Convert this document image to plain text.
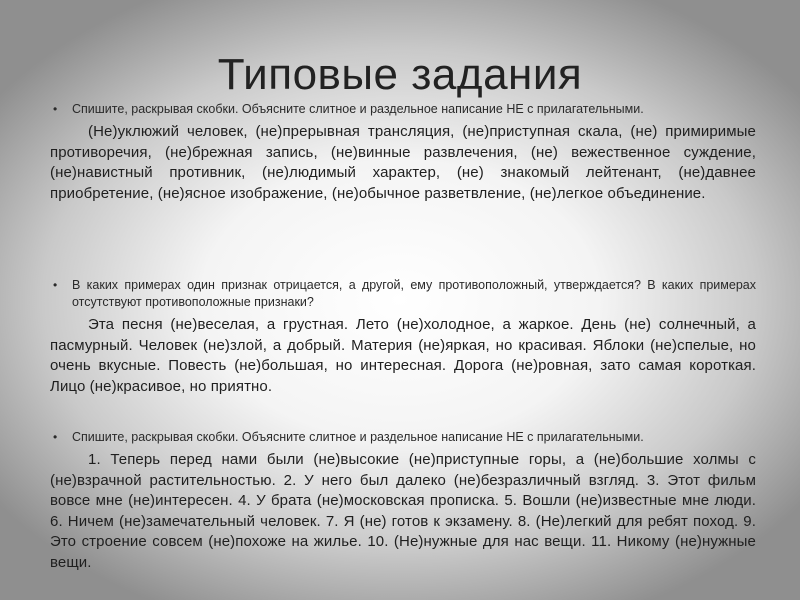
Типовые задания
• Спишите, раскрывая скобки. Объясните слитное и раздельное написание НЕ с прилагательными.
(Не)уклюжий человек, (не)прерывная трансляция, (не)приступная скала, (не) примиримые противоречия, (не)брежная запись, (не)винные развлечения, (не) вежественное суждение, (не)навистный противник, (не)людимый характер, (не) знакомый лейтенант, (не)давнее приобретение, (не)ясное изображение, (не)обычное разветвление, (не)легкое объединение.
• В каких примерах один признак отрицается, а другой, ему противоположный, утверждается? В каких примерах отсутствуют противоположные признаки?
Эта песня (не)веселая, а грустная. Лето (не)холодное, а жаркое. День (не) солнечный, а пасмурный. Человек (не)злой, а добрый. Материя (не)яркая, но красивая. Яблоки (не)спелые, но очень вкусные. Повесть (не)большая, но интересная. Дорога (не)ровная, зато самая короткая. Лицо (не)красивое, но приятно.
• Спишите, раскрывая скобки. Объясните слитное и раздельное написание НЕ с прилагательными.
1. Теперь перед нами были (не)высокие (не)приступные горы, а (не)большие холмы с (не)взрачной растительностью. 2. У него был далеко (не)безразличный взгляд. 3. Этот фильм вовсе мне (не)интересен. 4. У брата (не)московская прописка. 5. Вошли (не)известные мне люди. 6. Ничем (не)замечательный человек. 7. Я (не) готов к экзамену. 8. (Не)легкий для ребят поход. 9. Это строение совсем (не)похоже на жилье. 10. (Не)нужные для нас вещи. 11. Никому (не)нужные вещи.
